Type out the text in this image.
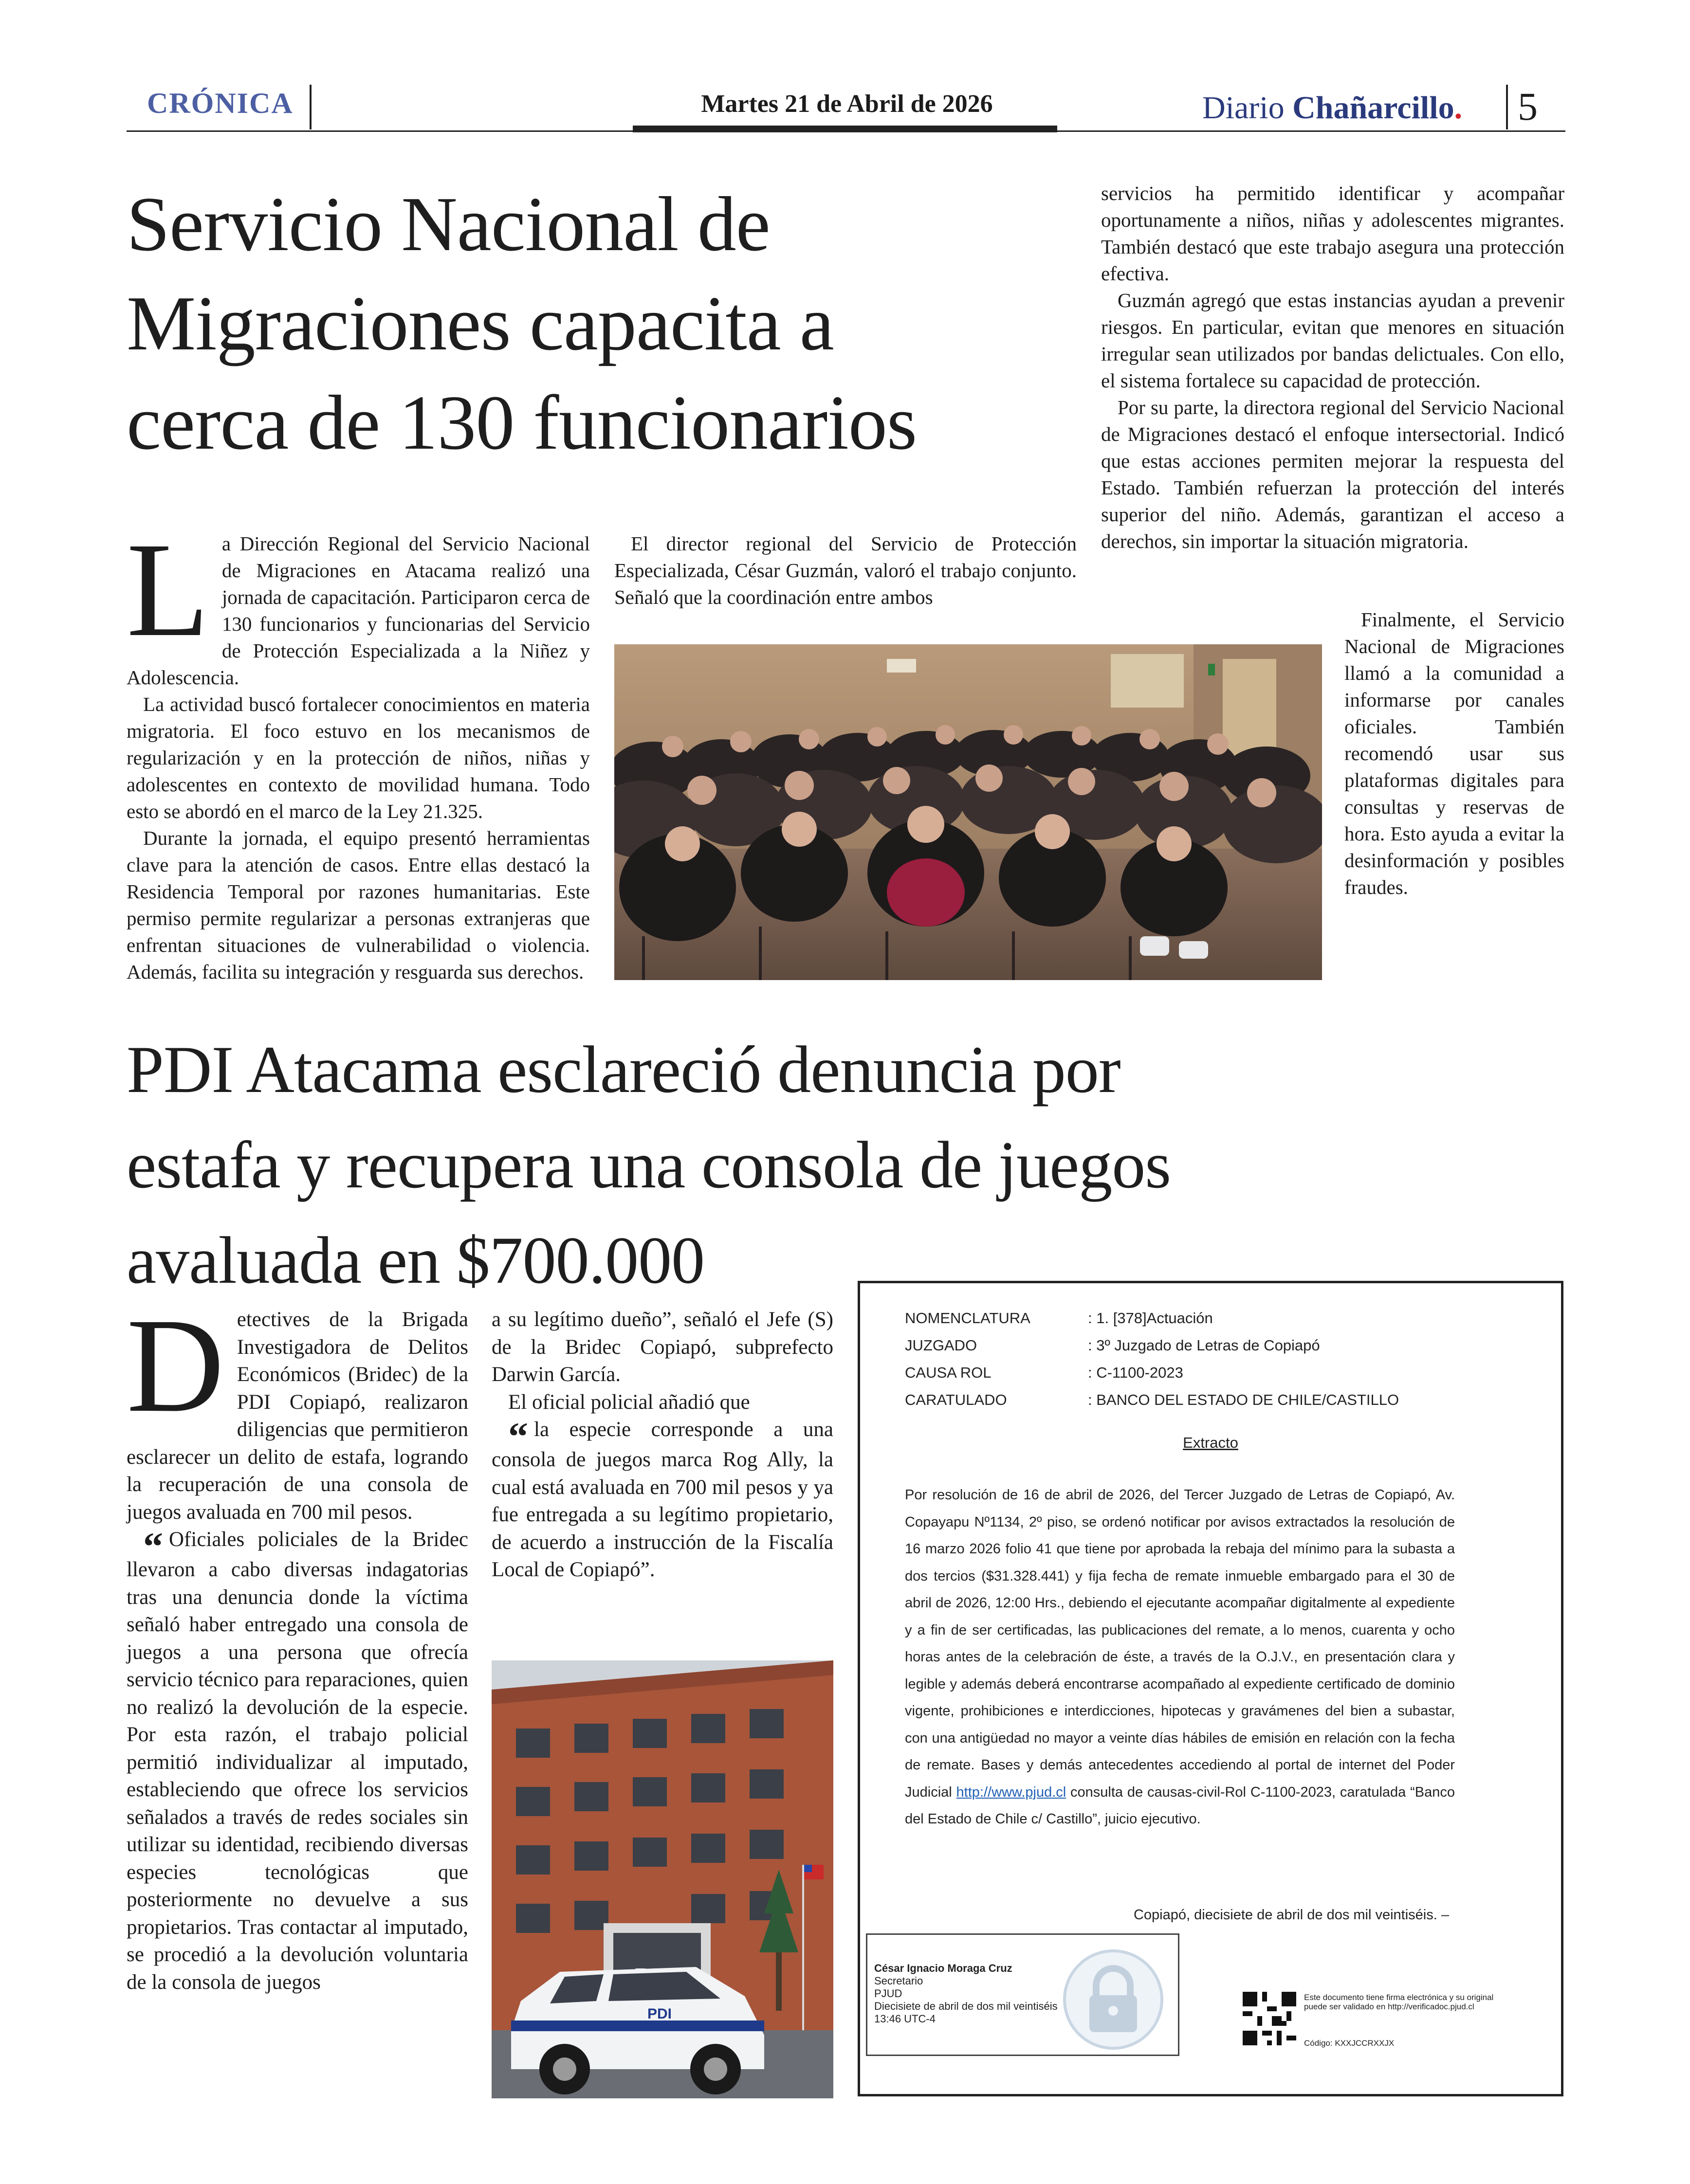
CRÓNICA	Martes 21 de Abril de 2026	Diario Chañarcillo. 5
Servicio Nacional de
Migraciones capacita a
cerca de 130 funcionarios

La Dirección Regional del Servicio Nacional de Migraciones en Atacama realizó una jornada de capacitación. Participaron cerca de 130 funcionarios y funcionarias del Servicio de Protección Especializada a la Niñez y Adolescencia.

La actividad buscó fortalecer conocimientos en materia migratoria. El foco estuvo en los mecanismos de regularización y en la protección de niños, niñas y adolescentes en contexto de movilidad humana. Todo esto se abordó en el marco de la Ley 21.325.

Durante la jornada, el equipo presentó herramientas clave para la atención de casos. Entre ellas destacó la Residencia Temporal por razones humanitarias. Este permiso permite regularizar a personas extranjeras que enfrentan situaciones de vulnerabilidad o violencia. Además, facilita su integración y resguarda sus derechos.

El director regional del Servicio de Protección Especializada, César Guzmán, valoró el trabajo conjunto. Señaló que la coordinación entre ambos

servicios ha permitido identificar y acompañar oportunamente a niños, niñas y adolescentes migrantes. También destacó que este trabajo asegura una protección efectiva.

Guzmán agregó que estas instancias ayudan a prevenir riesgos. En particular, evitan que menores en situación irregular sean utilizados por bandas delictuales. Con ello, el sistema fortalece su capacidad de protección.

Por su parte, la directora regional del Servicio Nacional de Migraciones destacó el enfoque intersectorial. Indicó que estas acciones permiten mejorar la respuesta del Estado. También refuerzan la protección del interés superior del niño. Además, garantizan el acceso a derechos, sin importar la situación migratoria.

Finalmente, el Servicio Nacional de Migraciones llamó a la comunidad a informarse por canales oficiales. También recomendó usar sus plataformas digitales para consultas y reservas de hora. Esto ayuda a evitar la desinformación y posibles fraudes.

PDI Atacama esclareció denuncia por
estafa y recupera una consola de juegos
avaluada en $700.000

Detectives de la Brigada Investigadora de Delitos Económicos (Bridec) de la PDI Copiapó, realizaron diligencias que permitieron esclarecer un delito de estafa, logrando la recuperación de una consola de juegos avaluada en 700 mil pesos.

“ Oficiales policiales de la Bridec llevaron a cabo diversas indagatorias tras una denuncia donde la víctima señaló haber entregado una consola de juegos a una persona que ofrecía servicio técnico para reparaciones, quien no realizó la devolución de la especie. Por esta razón, el trabajo policial permitió individualizar al imputado, estableciendo que ofrece los servicios señalados a través de redes sociales sin utilizar su identidad, recibiendo diversas especies tecnológicas que posteriormente no devuelve a sus propietarios. Tras contactar al imputado, se procedió a la devolución voluntaria de la consola de juegos

a su legítimo dueño”, señaló el Jefe (S) de la Bridec Copiapó, subprefecto Darwin García.

El oficial policial añadió que

“ la especie corresponde a una consola de juegos marca Rog Ally, la cual está avaluada en 700 mil pesos y ya fue entregada a su legítimo propietario, de acuerdo a instrucción de la Fiscalía Local de Copiapó”.

PDI
NOMENCLATURA	: 1. [378]Actuación
JUZGADO	: 3º Juzgado de Letras de Copiapó
CAUSA ROL	: C-1100-2023
CARATULADO	: BANCO DEL ESTADO DE CHILE/CASTILLO
Extracto
Por resolución de 16 de abril de 2026, del Tercer Juzgado de Letras de Copiapó, Av. Copayapu Nº1134, 2º piso, se ordenó notificar por avisos extractados la resolución de 16 marzo 2026 folio 41 que tiene por aprobada la rebaja del mínimo para la subasta a dos tercios ($31.328.441) y fija fecha de remate inmueble embargado para el 30 de abril de 2026, 12:00 Hrs., debiendo el ejecutante acompañar digitalmente al expediente y a fin de ser certificadas, las publicaciones del remate, a lo menos, cuarenta y ocho horas antes de la celebración de éste, a través de la O.J.V., en presentación clara y legible y además deberá encontrarse acompañado al expediente certificado de dominio vigente, prohibiciones e interdicciones, hipotecas y gravámenes del bien a subastar, con una antigüedad no mayor a veinte días hábiles de emisión en relación con la fecha de remate. Bases y demás antecedentes accediendo al portal de internet del Poder Judicial http://www.pjud.cl consulta de causas-civil-Rol C-1100-2023, caratulada “Banco del Estado de Chile c/ Castillo”, juicio ejecutivo.
Copiapó, diecisiete de abril de dos mil veintiséis. –
César Ignacio Moraga Cruz
Secretario
PJUD
Diecisiete de abril de dos mil veintiséis
13:46 UTC-4
Este documento tiene firma electrónica y su original puede ser validado en http://verificadoc.pjud.cl
Código: KXXJCCRXXJX
